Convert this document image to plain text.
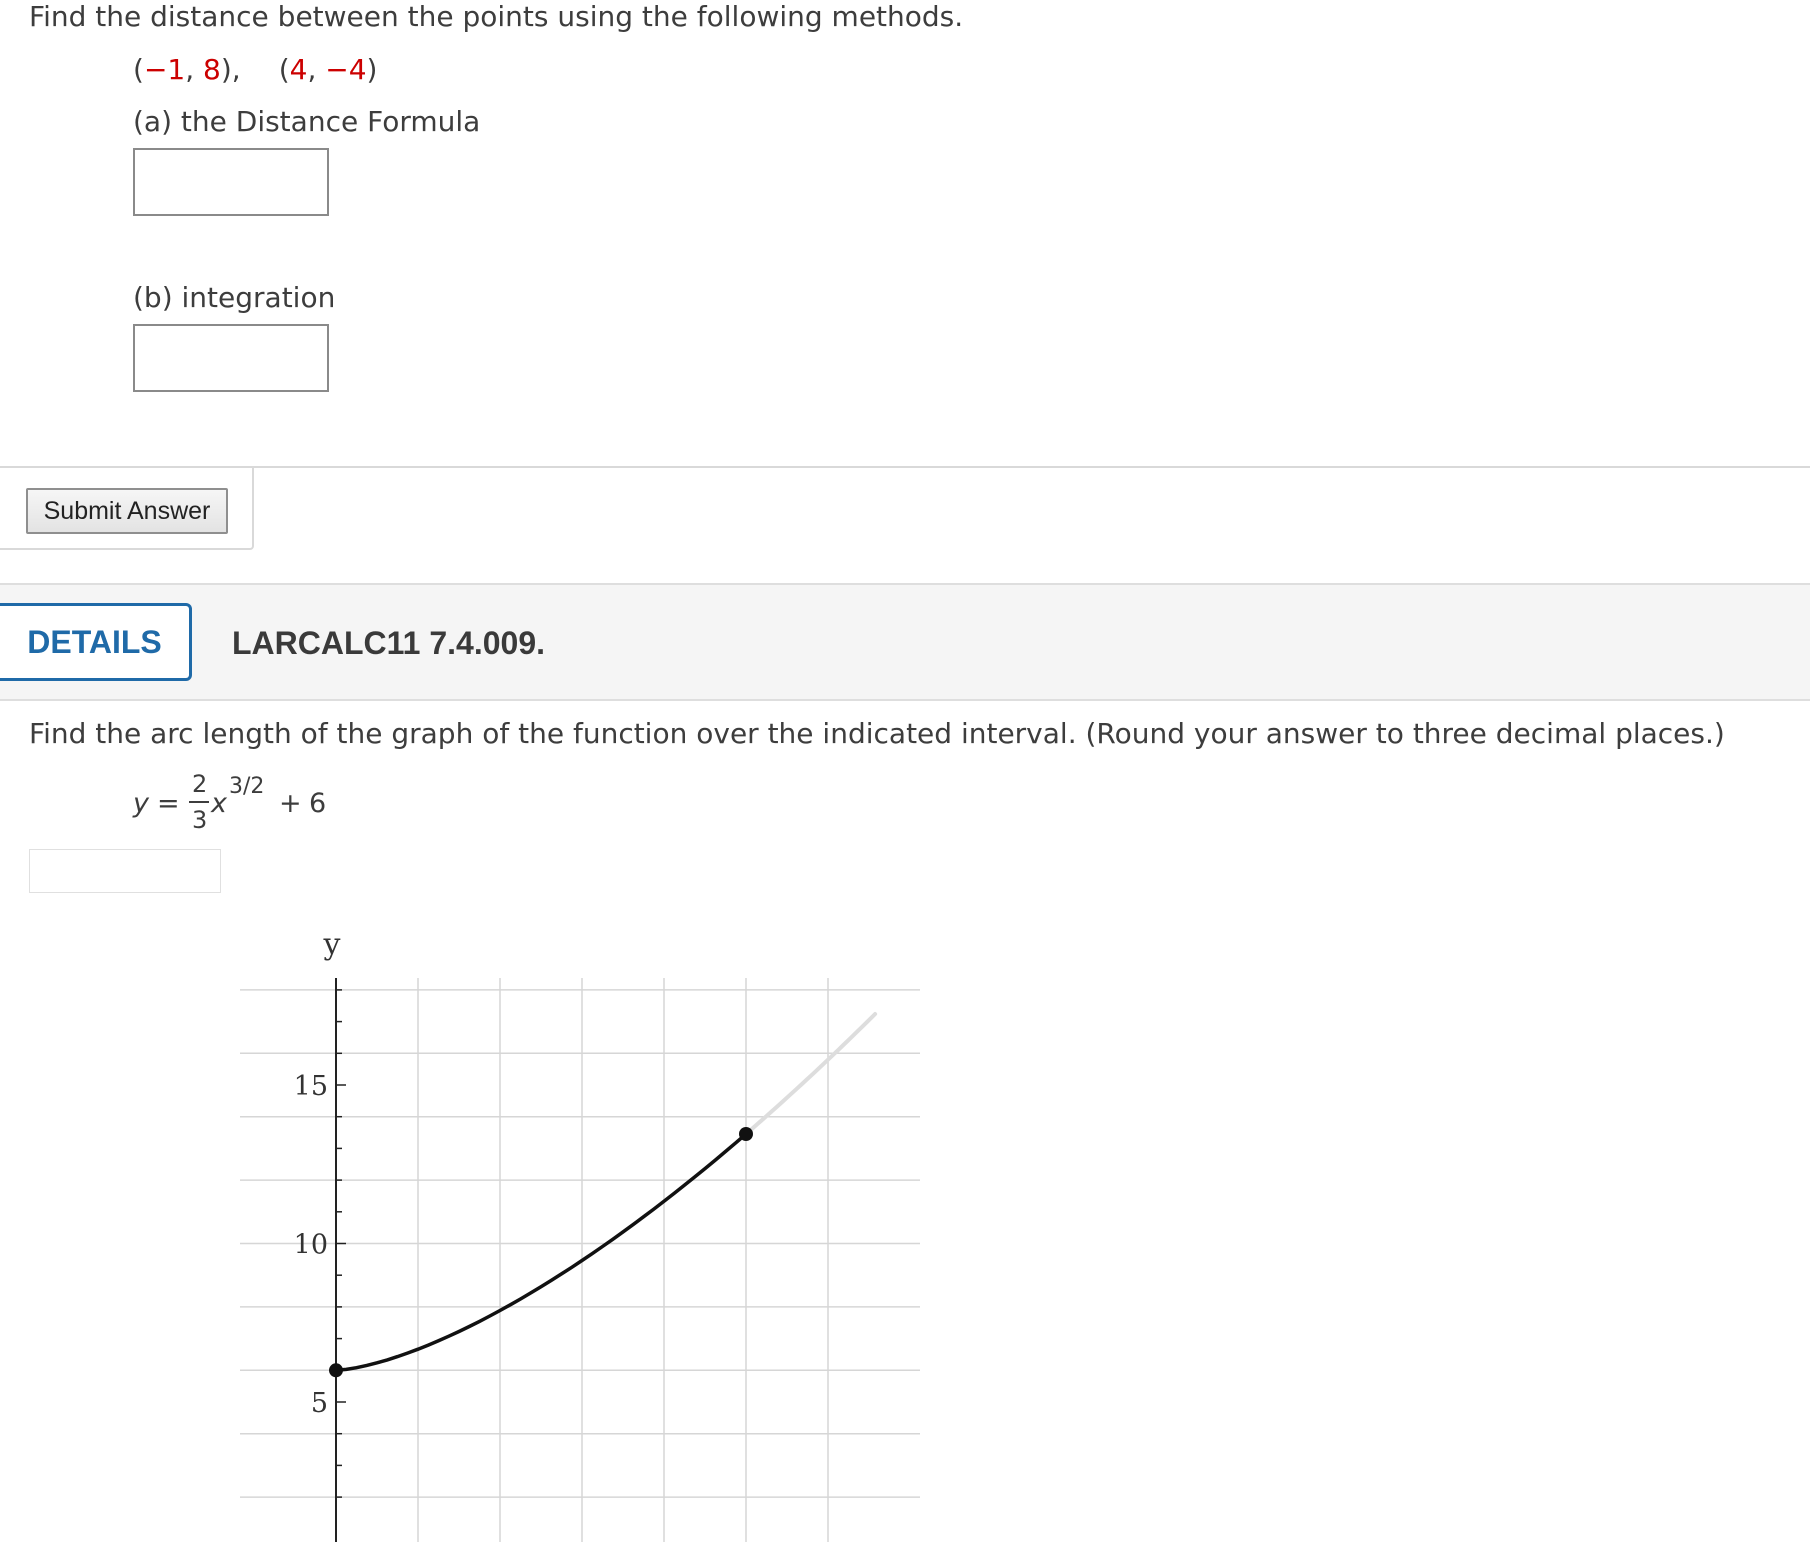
Find the distance between the points using the following methods.
(−1, 8), (4, −4)
(a) the Distance Formula
(b) integration
Submit Answer
DETAILS	LARCALC11 7.4.009.
Find the arc length of the graph of the function over the indicated interval. (Round your answer to three decimal places.)
y =
2
3
x
3/2
+ 6
y
5
10
15
